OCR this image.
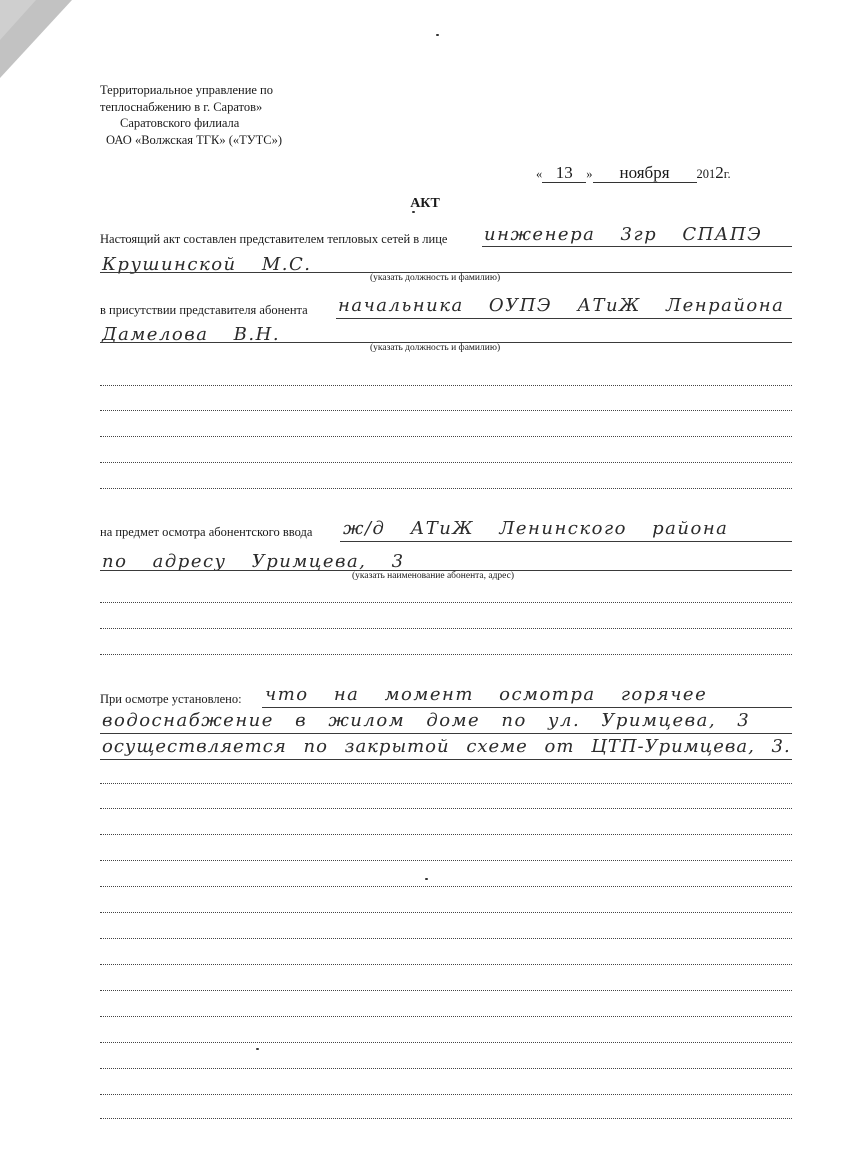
Территориальное управление по
теплоснабжению в г. Саратов»
Саратовского филиала
ОАО «Волжская ТГК» («ТУТС»)
« 13 » ноября 2012г.
АКТ
Настоящий акт составлен представителем тепловых сетей в лице инженера 3гр СПАПЭ
Крушинской М.С.
(указать должность и фамилию)
в присутствии представителя абонента начальника ОУПЭ АТиЖ Ленрайона
Дамелова В.Н.
(указать должность и фамилию)
на предмет осмотра абонентского ввода ж/д АТиЖ Ленинского района
по адресу Уримцева, 3
(указать наименование абонента, адрес)
При осмотре установлено: что на момент осмотра горячее
водоснабжение в жилом доме по ул. Уримцева, 3
осуществляется по закрытой схеме от ЦТП-Уримцева, 3.
